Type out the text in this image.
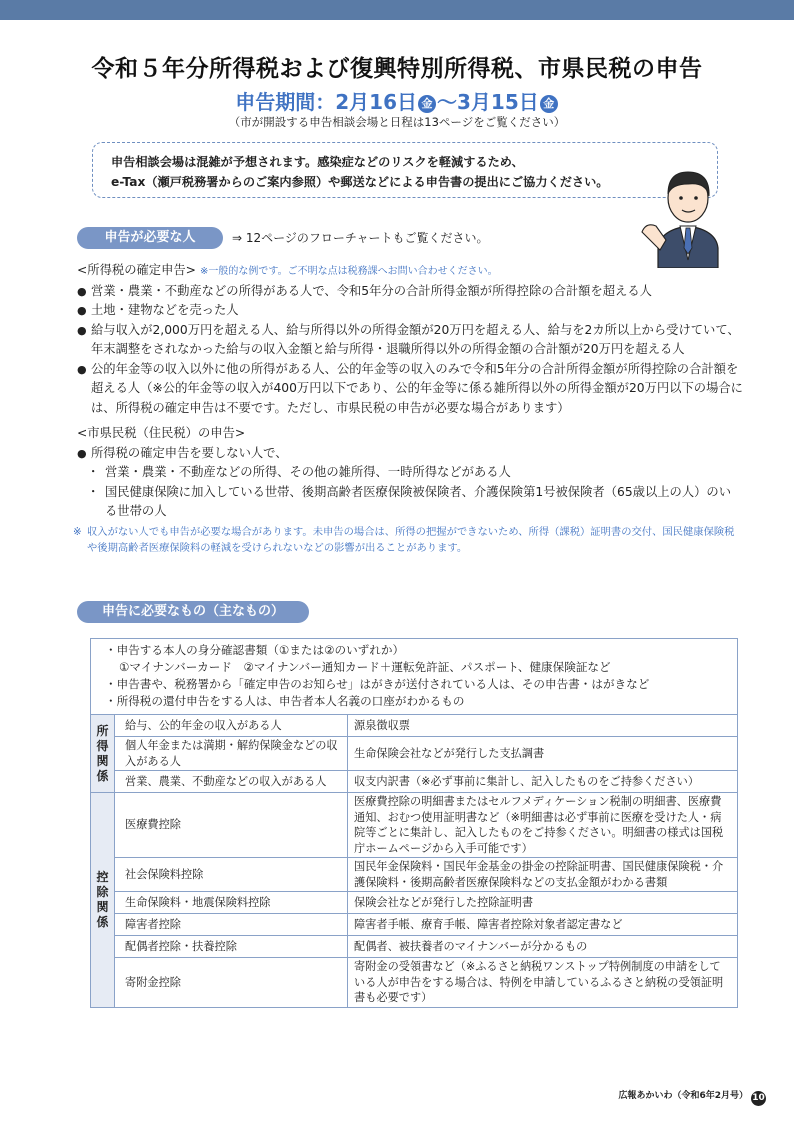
令和５年分所得税および復興特別所得税、市県民税の申告
申告期間：2月16日 金 ～3月15日 金
（市が開設する申告相談会場と日程は13ページをご覧ください）
申告相談会場は混雑が予想されます。感染症などのリスクを軽減するため、
e-Tax（瀬戸税務署からのご案内参照）や郵送などによる申告書の提出にご協力ください。
申告が必要な人	⇒ 12ページのフローチャートもご覧ください。

<所得税の確定申告> ※一般的な例です。ご不明な点は税務課へお問い合わせください。

● 営業・農業・不動産などの所得がある人で、令和5年分の合計所得金額が所得控除の合計額を超える人

● 土地・建物などを売った人

● 給与収入が2,000万円を超える人、給与所得以外の所得金額が20万円を超える人、給与を2カ所以上から受けていて、年末調整をされなかった給与の収入金額と給与所得・退職所得以外の所得金額の合計額が20万円を超える人

● 公的年金等の収入以外に他の所得がある人、公的年金等の収入のみで令和5年分の合計所得金額が所得控除の合計額を超える人（※公的年金等の収入が400万円以下であり、公的年金等に係る雑所得以外の所得金額が20万円以下の場合には、所得税の確定申告は不要です。ただし、市県民税の申告が必要な場合があります）

<市県民税（住民税）の申告>

● 所得税の確定申告を要しない人で、

・ 営業・農業・不動産などの所得、その他の雑所得、一時所得などがある人

・ 国民健康保険に加入している世帯、後期高齢者医療保険被保険者、介護保険第1号被保険者（65歳以上の人）のいる世帯の人

※ 収入がない人でも申告が必要な場合があります。未申告の場合は、所得の把握ができないため、所得（課税）証明書の交付、国民健康保険税や後期高齢者医療保険料の軽減を受けられないなどの影響が出ることがあります。

申告に必要なもの（主なもの）

・申告する本人の身分確認書類（①または②のいずれか）

①マイナンバーカード　②マイナンバー通知カード＋運転免許証、パスポート、健康保険証など

・申告書や、税務署から「確定申告のお知らせ」はがきが送付されている人は、その申告書・はがきなど

・所得税の還付申告をする人は、申告者本人名義の口座がわかるもの		

所得関係	給与、公的年金の収入がある人	源泉徴収票
	個人年金または満期・解約保険金などの収入がある人	生命保険会社などが発行した支払調書
	営業、農業、不動産などの収入がある人	収支内訳書（※必ず事前に集計し、記入したものをご持参ください）
控除関係	医療費控除	医療費控除の明細書またはセルフメディケーション税制の明細書、医療費通知、おむつ使用証明書など（※明細書は必ず事前に医療を受けた人・病院等ごとに集計し、記入したものをご持参ください。明細書の様式は国税庁ホームページから入手可能です）
	社会保険料控除	国民年金保険料・国民年金基金の掛金の控除証明書、国民健康保険税・介護保険料・後期高齢者医療保険料などの支払金額がわかる書類
	生命保険料・地震保険料控除	保険会社などが発行した控除証明書
	障害者控除	障害者手帳、療育手帳、障害者控除対象者認定書など
	配偶者控除・扶養控除	配偶者、被扶養者のマイナンバーが分かるもの
	寄附金控除	寄附金の受領書など（※ふるさと納税ワンストップ特例制度の申請をしている人が申告をする場合は、特例を申請しているふるさと納税の受領証明書も必要です）
広報あかいわ（令和6年2月号） 10
